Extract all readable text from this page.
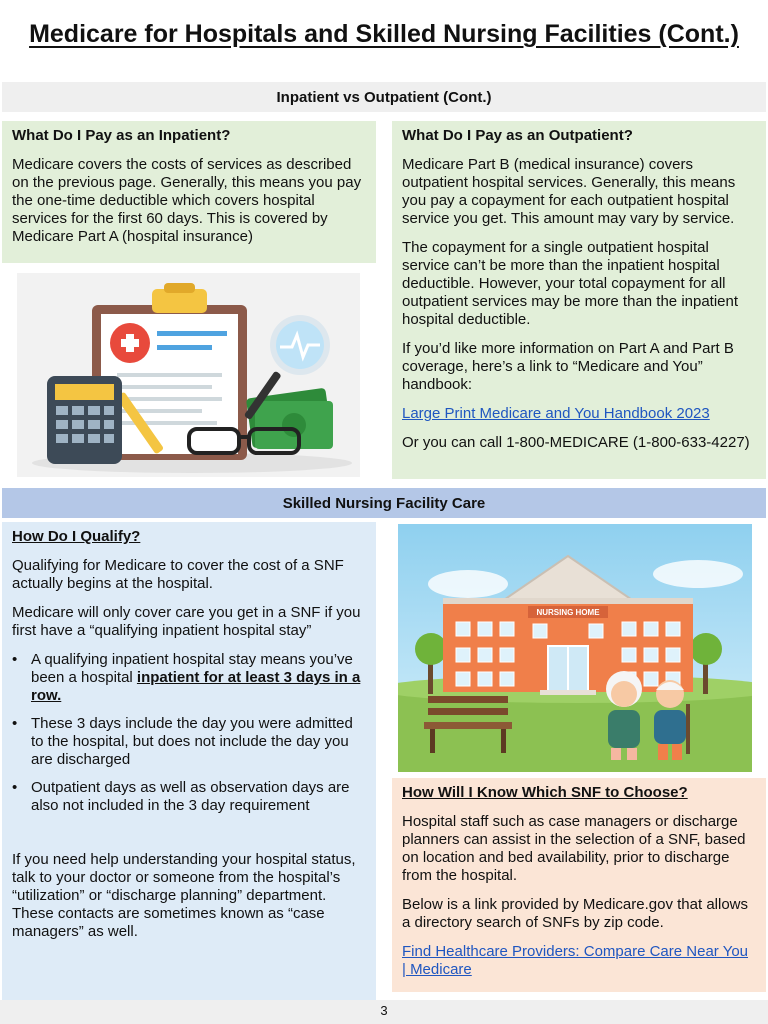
Medicare for Hospitals and Skilled Nursing Facilities (Cont.)
Inpatient vs Outpatient (Cont.)
What Do I Pay as an Inpatient?

Medicare covers the costs of services as described on the previous page. Generally, this means you pay the one-time deductible which covers hospital services for the first 60 days. This is covered by Medicare Part A (hospital insurance)

What Do I Pay as an Outpatient?

Medicare Part B (medical insurance) covers outpatient hospital services. Generally, this means you pay a copayment for each outpatient hospital service you get. This amount may vary by service.

The copayment for a single outpatient hospital service can’t be more than the inpatient hospital deductible. However, your total copayment for all outpatient services may be more than the inpatient hospital deductible.

If you’d like more information on Part A and Part B coverage, here’s a link to “Medicare and You” handbook:

Large Print Medicare and You Handbook 2023

Or you can call 1-800-MEDICARE (1-800-633-4227)

Skilled Nursing Facility Care
How Do I Qualify?

Qualifying for Medicare to cover the cost of a SNF actually begins at the hospital.

Medicare will only cover care you get in a SNF if you first have a “qualifying inpatient hospital stay”

• A qualifying inpatient hospital stay means you’ve been a hospital inpatient for at least 3 days in a row.
• These 3 days include the day you were admitted to the hospital, but does not include the day you are discharged
• Outpatient days as well as observation days are also not included in the 3 day requirement

If you need help understanding your hospital status, talk to your doctor or someone from the hospital’s “utilization” or “discharge planning” department. These contacts are sometimes known as “case managers” as well.

NURSING HOME
How Will I Know Which SNF to Choose?

Hospital staff such as case managers or discharge planners can assist in the selection of a SNF, based on location and bed availability, prior to discharge from the hospital.

Below is a link provided by Medicare.gov that allows a directory search of SNFs by zip code.

Find Healthcare Providers: Compare Care Near You | Medicare

3
